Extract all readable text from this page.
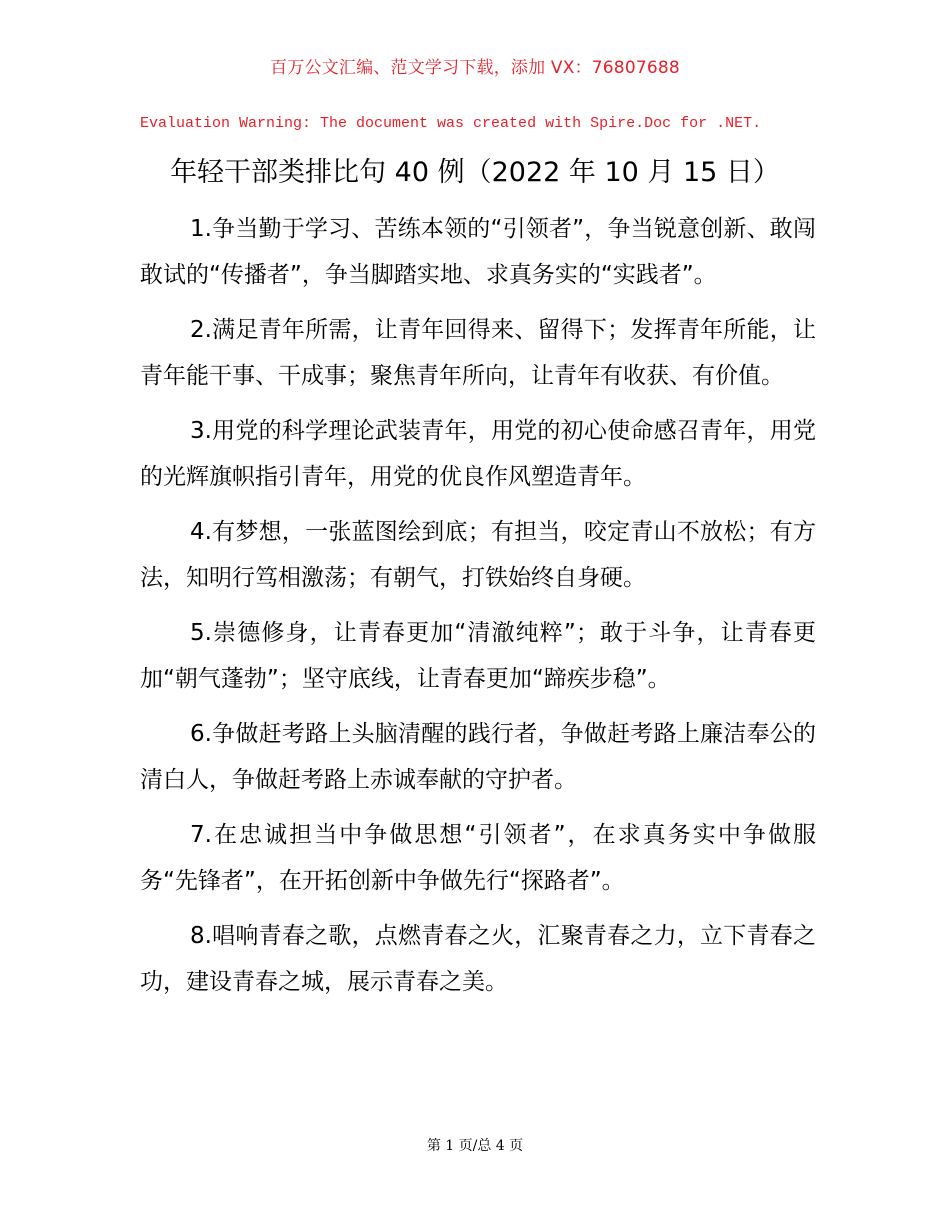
百万公文汇编、范文学习下载，添加 VX：76807688
Evaluation Warning: The document was created with Spire.Doc for .NET.
年轻干部类排比句 40 例（2022 年 10 月 15 日）

1.争当勤于学习、苦练本领的“引领者”，争当锐意创新、敢闯敢试的“传播者”，争当脚踏实地、求真务实的“实践者”。

2.满足青年所需，让青年回得来、留得下；发挥青年所能，让青年能干事、干成事；聚焦青年所向，让青年有收获、有价值。

3.用党的科学理论武装青年，用党的初心使命感召青年，用党的光辉旗帜指引青年，用党的优良作风塑造青年。

4.有梦想，一张蓝图绘到底；有担当，咬定青山不放松；有方法，知明行笃相激荡；有朝气，打铁始终自身硬。

5.崇德修身，让青春更加“清澈纯粹”；敢于斗争，让青春更加“朝气蓬勃”；坚守底线，让青春更加“蹄疾步稳”。

6.争做赶考路上头脑清醒的践行者，争做赶考路上廉洁奉公的清白人，争做赶考路上赤诚奉献的守护者。

7.在忠诚担当中争做思想“引领者”，在求真务实中争做服务“先锋者”，在开拓创新中争做先行“探路者”。

8.唱响青春之歌，点燃青春之火，汇聚青春之力，立下青春之功，建设青春之城，展示青春之美。

第 1 页/总 4 页
